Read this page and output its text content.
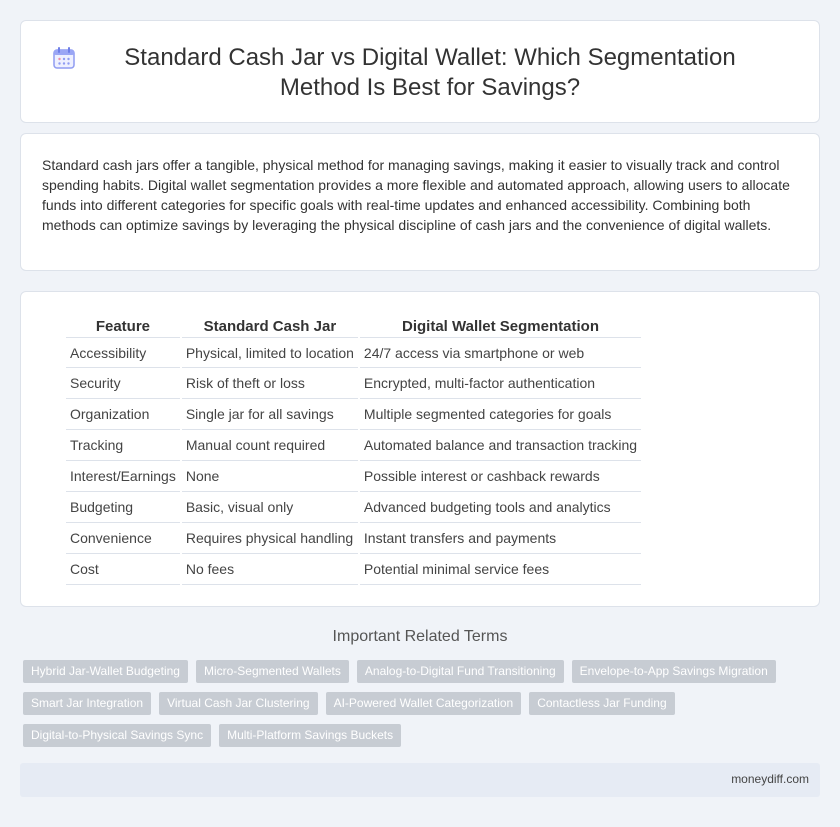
Standard Cash Jar vs Digital Wallet: Which Segmentation Method Is Best for Savings?

Standard cash jars offer a tangible, physical method for managing savings, making it easier to visually track and control spending habits. Digital wallet segmentation provides a more flexible and automated approach, allowing users to allocate funds into different categories for specific goals with real-time updates and enhanced accessibility. Combining both methods can optimize savings by leveraging the physical discipline of cash jars and the convenience of digital wallets.

Feature	Standard Cash Jar	Digital Wallet Segmentation
Accessibility	Physical, limited to location	24/7 access via smartphone or web
Security	Risk of theft or loss	Encrypted, multi-factor authentication
Organization	Single jar for all savings	Multiple segmented categories for goals
Tracking	Manual count required	Automated balance and transaction tracking
Interest/Earnings	None	Possible interest or cashback rewards
Budgeting	Basic, visual only	Advanced budgeting tools and analytics
Convenience	Requires physical handling	Instant transfers and payments
Cost	No fees	Potential minimal service fees
Important Related Terms
Hybrid Jar-Wallet Budgeting	Micro-Segmented Wallets	Analog-to-Digital Fund Transitioning	Envelope-to-App Savings Migration
Smart Jar Integration	Virtual Cash Jar Clustering	AI-Powered Wallet Categorization	Contactless Jar Funding
Digital-to-Physical Savings Sync	Multi-Platform Savings Buckets
moneydiff.com
